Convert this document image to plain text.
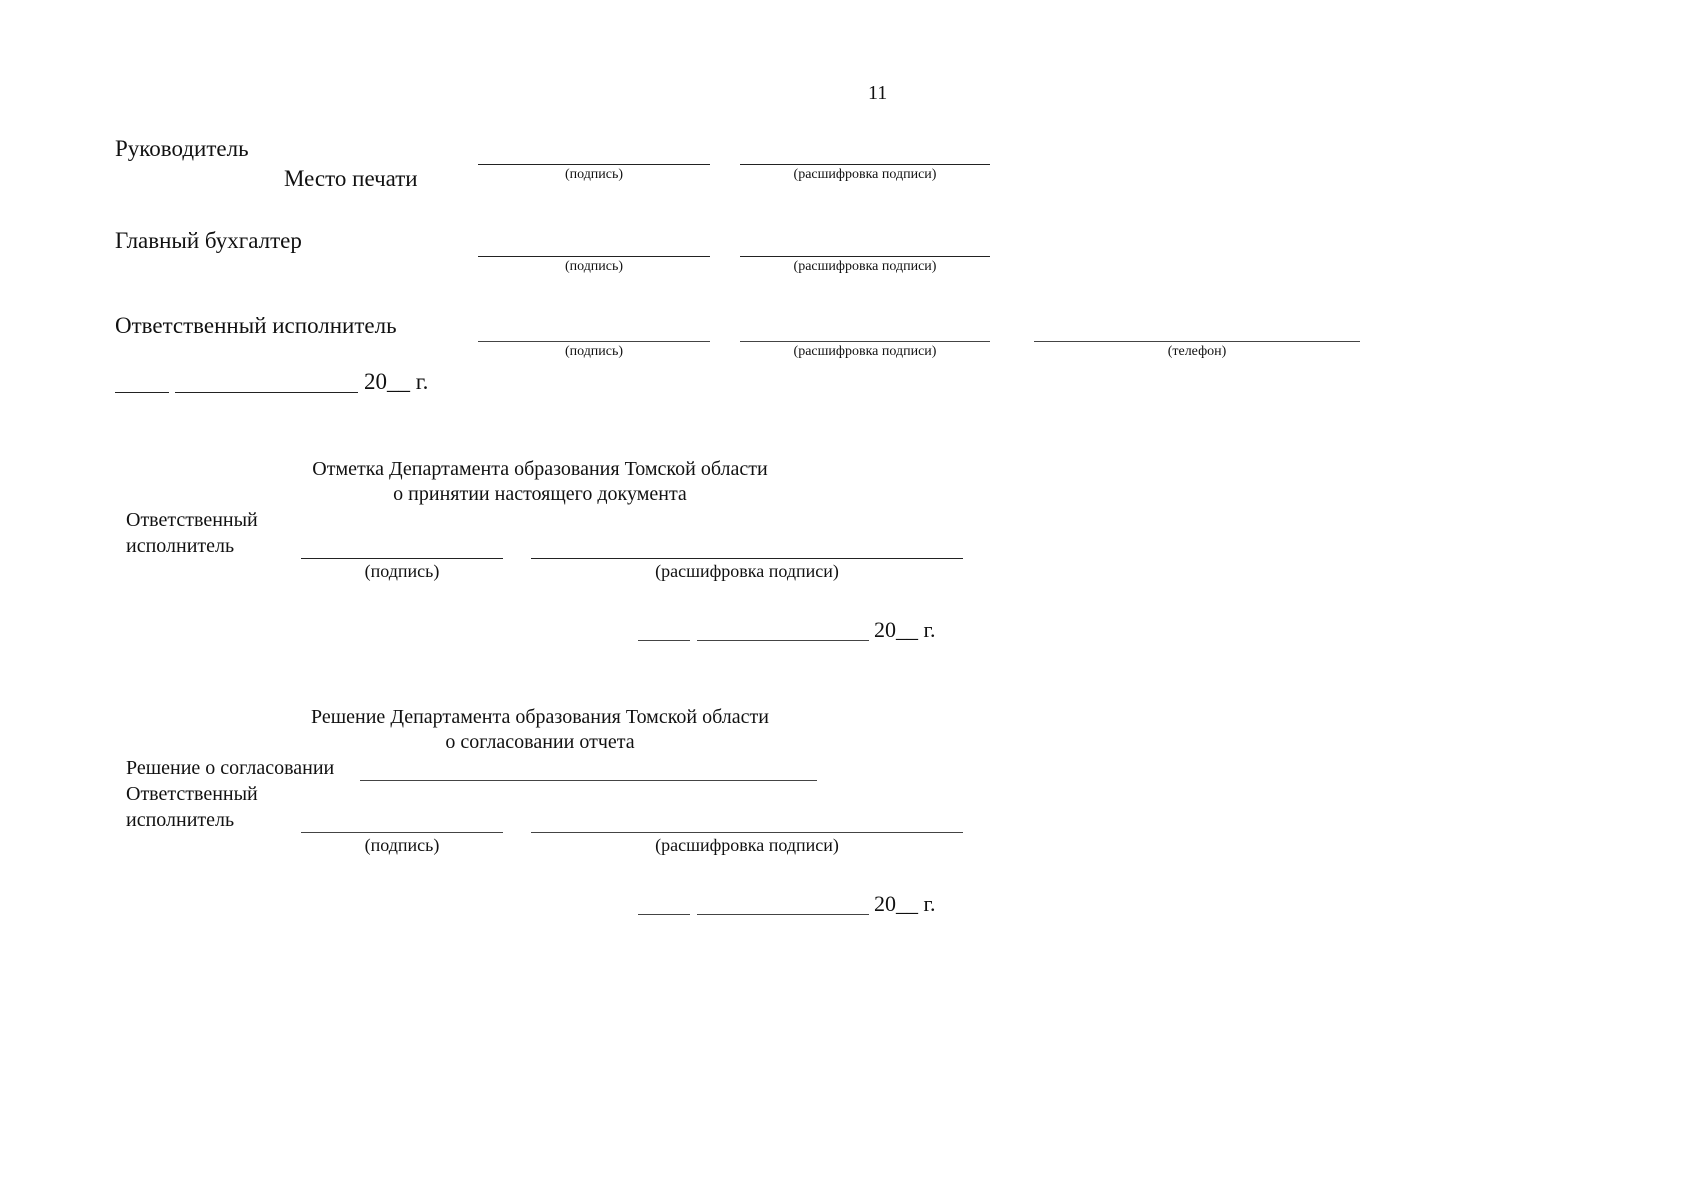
11
Руководитель
Место печати	(подпись)	(расшифровка подписи)
Главный бухгалтер
(подпись)	(расшифровка подписи)
Ответственный исполнитель
(подпись)	(расшифровка подписи)	(телефон)
20__ г.
Отметка Департамента образования Томской области
о принятии настоящего документа
Ответственный
исполнитель
(подпись)	(расшифровка подписи)
20__ г.
Решение Департамента образования Томской области
о согласовании отчета
Решение о согласовании
Ответственный
исполнитель
(подпись)	(расшифровка подписи)
20__ г.
